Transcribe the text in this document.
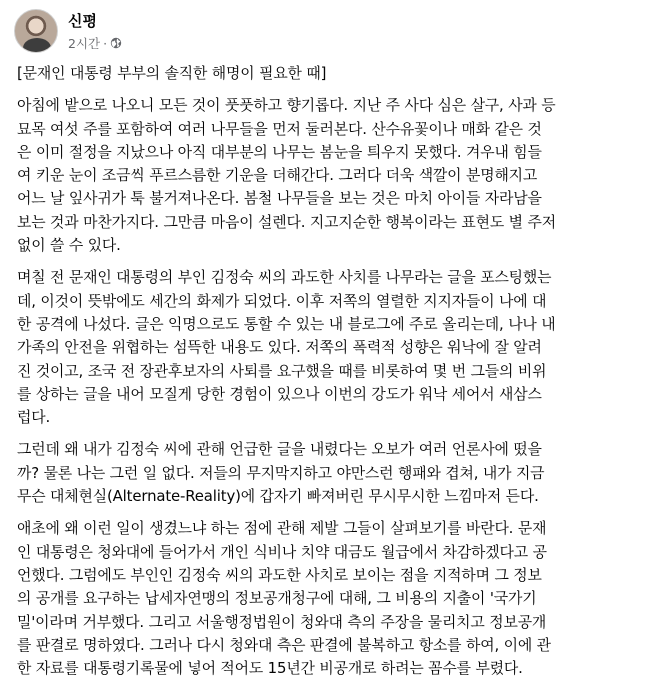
신평
2시간 ·

[문재인 대통령 부부의 솔직한 해명이 필요한 때]

아침에 밭으로 나오니 모든 것이 풋풋하고 향기롭다. 지난 주 사다 심은 살구, 사과 등
묘목 여섯 주를 포함하여 여러 나무들을 먼저 둘러본다. 산수유꽃이나 매화 같은 것
은 이미 절정을 지났으나 아직 대부분의 나무는 봄눈을 틔우지 못했다. 겨우내 힘들
여 키운 눈이 조금씩 푸르스름한 기운을 더해간다. 그러다 더욱 색깔이 분명해지고
어느 날 잎사귀가 툭 불거져나온다. 봄철 나무들을 보는 것은 마치 아이들 자라남을
보는 것과 마찬가지다. 그만큼 마음이 설렌다. 지고지순한 행복이라는 표현도 별 주저
없이 쓸 수 있다.

며칠 전 문재인 대통령의 부인 김정숙 씨의 과도한 사치를 나무라는 글을 포스팅했는
데, 이것이 뜻밖에도 세간의 화제가 되었다. 이후 저쪽의 열렬한 지지자들이 나에 대
한 공격에 나섰다. 글은 익명으로도 통할 수 있는 내 블로그에 주로 올리는데, 나나 내
가족의 안전을 위협하는 섬뜩한 내용도 있다. 저쪽의 폭력적 성향은 워낙에 잘 알려
진 것이고, 조국 전 장관후보자의 사퇴를 요구했을 때를 비롯하여 몇 번 그들의 비위
를 상하는 글을 내어 모질게 당한 경험이 있으나 이번의 강도가 워낙 세어서 새삼스
럽다.

그런데 왜 내가 김정숙 씨에 관해 언급한 글을 내렸다는 오보가 여러 언론사에 떴을
까? 물론 나는 그런 일 없다. 저들의 무지막지하고 야만스런 행패와 겹쳐, 내가 지금
무슨 대체현실(Alternate-Reality)에 갑자기 빠져버린 무시무시한 느낌마저 든다.

애초에 왜 이런 일이 생겼느냐 하는 점에 관해 제발 그들이 살펴보기를 바란다. 문재
인 대통령은 청와대에 들어가서 개인 식비나 치약 대금도 월급에서 차감하겠다고 공
언했다. 그럼에도 부인인 김정숙 씨의 과도한 사치로 보이는 점을 지적하며 그 정보
의 공개를 요구하는 납세자연맹의 정보공개청구에 대해, 그 비용의 지출이 '국가기
밀'이라며 거부했다. 그리고 서울행정법원이 청와대 측의 주장을 물리치고 정보공개
를 판결로 명하였다. 그러나 다시 청와대 측은 판결에 불복하고 항소를 하여, 이에 관
한 자료를 대통령기록물에 넣어 적어도 15년간 비공개로 하려는 꼼수를 부렸다.
